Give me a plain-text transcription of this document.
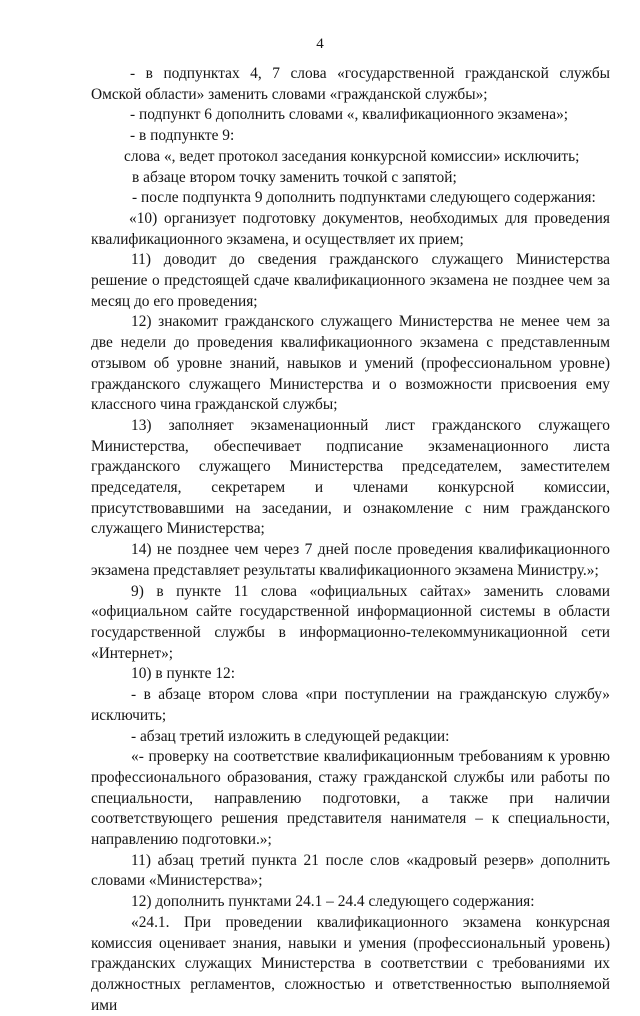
4

- в подпунктах 4, 7 слова «государственной гражданской службы Омской области» заменить словами «гражданской службы»;

- подпункт 6 дополнить словами «, квалификационного экзамена»;

- в подпункте 9:

слова «, ведет протокол заседания конкурсной комиссии» исключить;

в абзаце втором точку заменить точкой с запятой;

- после подпункта 9 дополнить подпунктами следующего содержания:

«10) организует подготовку документов, необходимых для проведения квалификационного экзамена, и осуществляет их прием;

11) доводит до сведения гражданского служащего Министерства решение о предстоящей сдаче квалификационного экзамена не позднее чем за месяц до его проведения;

12) знакомит гражданского служащего Министерства не менее чем за две недели до проведения квалификационного экзамена с представленным отзывом об уровне знаний, навыков и умений (профессиональном уровне) гражданского служащего Министерства и о возможности присвоения ему классного чина гражданской службы;

13) заполняет экзаменационный лист гражданского служащего Министерства, обеспечивает подписание экзаменационного листа гражданского служащего Министерства председателем, заместителем председателя, секретарем и членами конкурсной комиссии, присутствовавшими на заседании, и ознакомление с ним гражданского служащего Министерства;

14) не позднее чем через 7 дней после проведения квалификационного экзамена представляет результаты квалификационного экзамена Министру.»;

9) в пункте 11 слова «официальных сайтах» заменить словами «официальном сайте государственной информационной системы в области государственной службы в информационно-телекоммуникационной сети «Интернет»;

10) в пункте 12:

- в абзаце втором слова «при поступлении на гражданскую службу» исключить;

- абзац третий изложить в следующей редакции:

«- проверку на соответствие квалификационным требованиям к уровню профессионального образования, стажу гражданской службы или работы по специальности, направлению подготовки, а также при наличии соответствующего решения представителя нанимателя – к специальности, направлению подготовки.»;

11) абзац третий пункта 21 после слов «кадровый резерв» дополнить словами «Министерства»;

12) дополнить пунктами 24.1 – 24.4 следующего содержания:

«24.1. При проведении квалификационного экзамена конкурсная комиссия оценивает знания, навыки и умения (профессиональный уровень) гражданских служащих Министерства в соответствии с требованиями их должностных регламентов, сложностью и ответственностью выполняемой ими
